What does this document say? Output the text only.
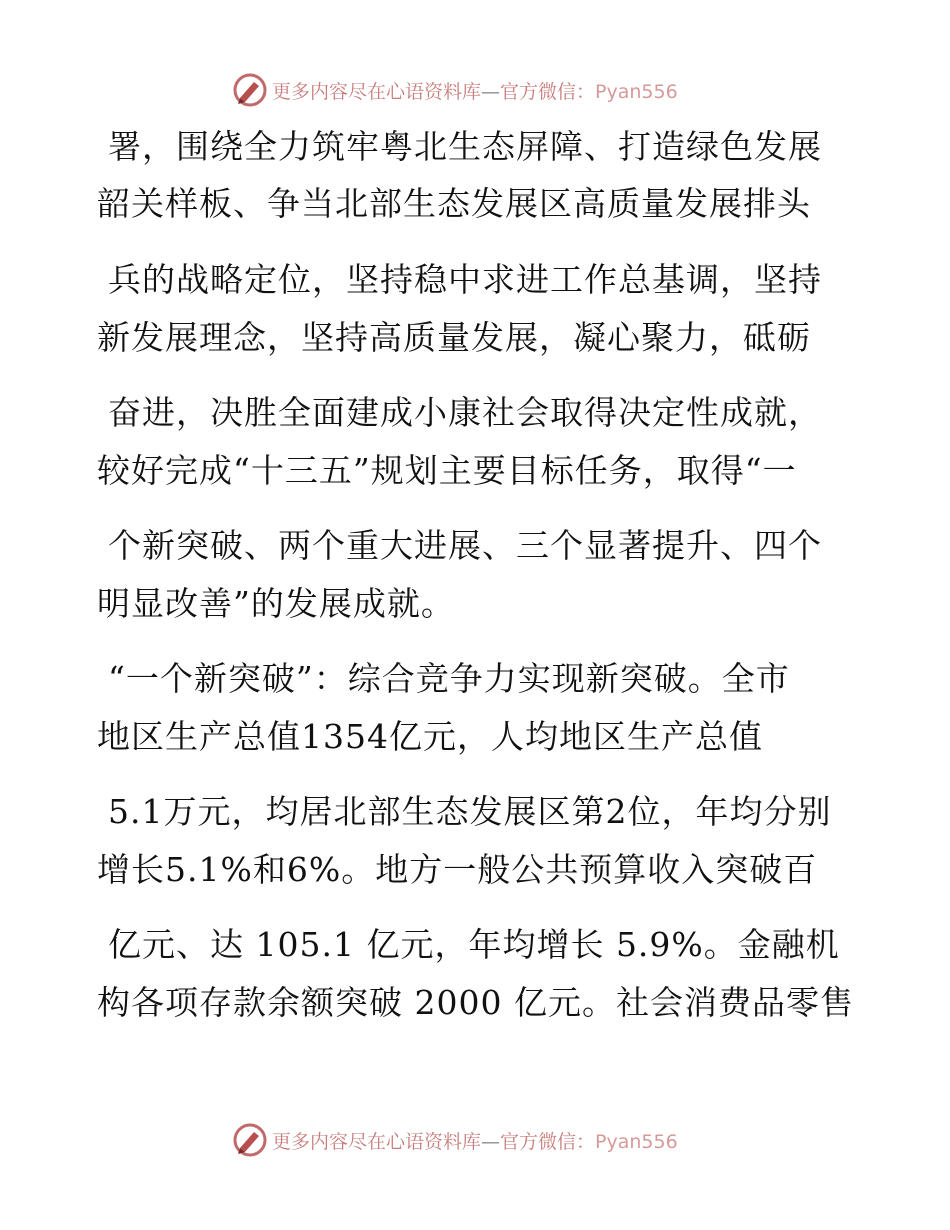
更多内容尽在心语资料库—官方微信：Pyan556
署，围绕全力筑牢粤北生态屏障、打造绿色发展
韶关样板、争当北部生态发展区高质量发展排头
兵的战略定位，坚持稳中求进工作总基调，坚持
新发展理念，坚持高质量发展，凝心聚力，砥砺
奋进，决胜全面建成小康社会取得决定性成就，
较好完成“十三五”规划主要目标任务，取得“一
个新突破、两个重大进展、三个显著提升、四个
明显改善”的发展成就。
“一个新突破”：综合竞争力实现新突破。全市
地区生产总值1354亿元，人均地区生产总值
5.1万元，均居北部生态发展区第2位，年均分别
增长5.1%和6%。地方一般公共预算收入突破百
亿元、达 105.1 亿元，年均增长 5.9%。金融机
构各项存款余额突破 2000 亿元。社会消费品零售
更多内容尽在心语资料库—官方微信：Pyan556
